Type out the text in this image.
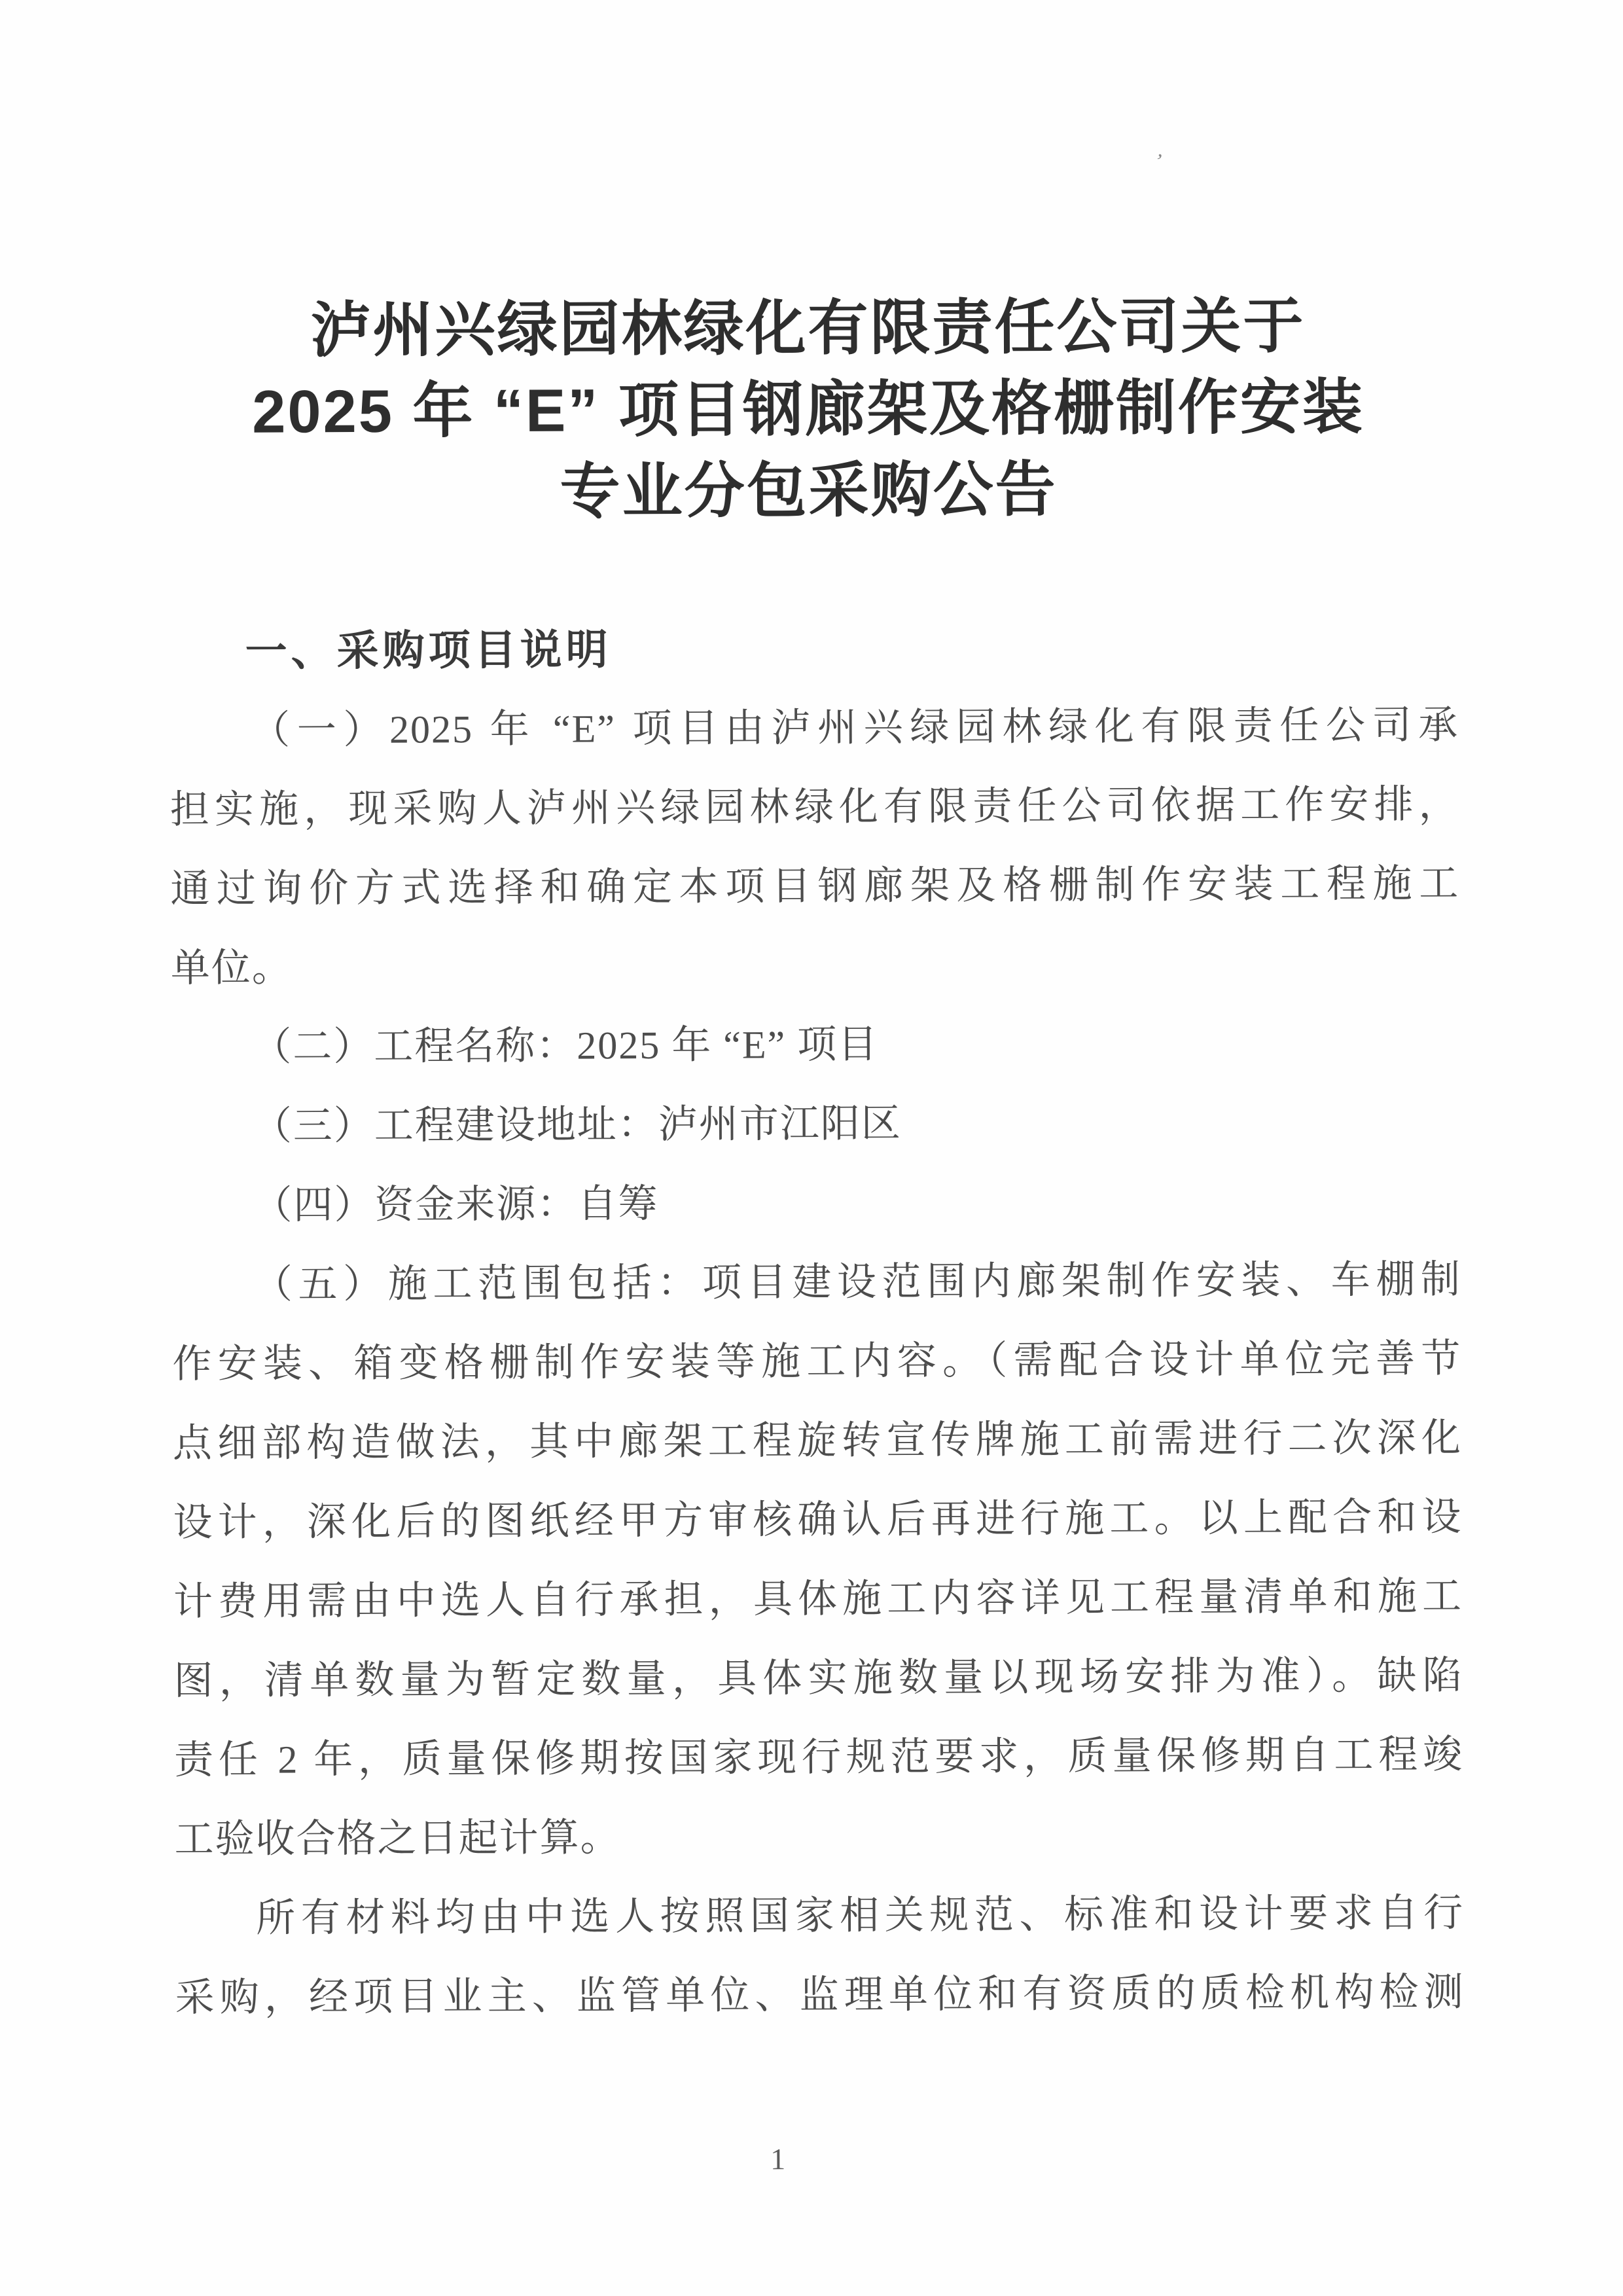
’
泸州兴绿园林绿化有限责任公司关于
2025 年 “E” 项目钢廊架及格栅制作安装
专业分包采购公告
一、采购项目说明
（一）2025 年 “E” 项目由泸州兴绿园林绿化有限责任公司承
担实施，现采购人泸州兴绿园林绿化有限责任公司依据工作安排，
通过询价方式选择和确定本项目钢廊架及格栅制作安装工程施工
单位。
（二）工程名称：2025 年 “E” 项目
（三）工程建设地址：泸州市江阳区
（四）资金来源：自筹
（五）施工范围包括：项目建设范围内廊架制作安装、车棚制
作安装、箱变格栅制作安装等施工内容。（需配合设计单位完善节
点细部构造做法，其中廊架工程旋转宣传牌施工前需进行二次深化
设计，深化后的图纸经甲方审核确认后再进行施工。以上配合和设
计费用需由中选人自行承担，具体施工内容详见工程量清单和施工
图，清单数量为暂定数量，具体实施数量以现场安排为准）。缺陷
责任 2 年，质量保修期按国家现行规范要求，质量保修期自工程竣
工验收合格之日起计算。
所有材料均由中选人按照国家相关规范、标准和设计要求自行
采购，经项目业主、监管单位、监理单位和有资质的质检机构检测
1
